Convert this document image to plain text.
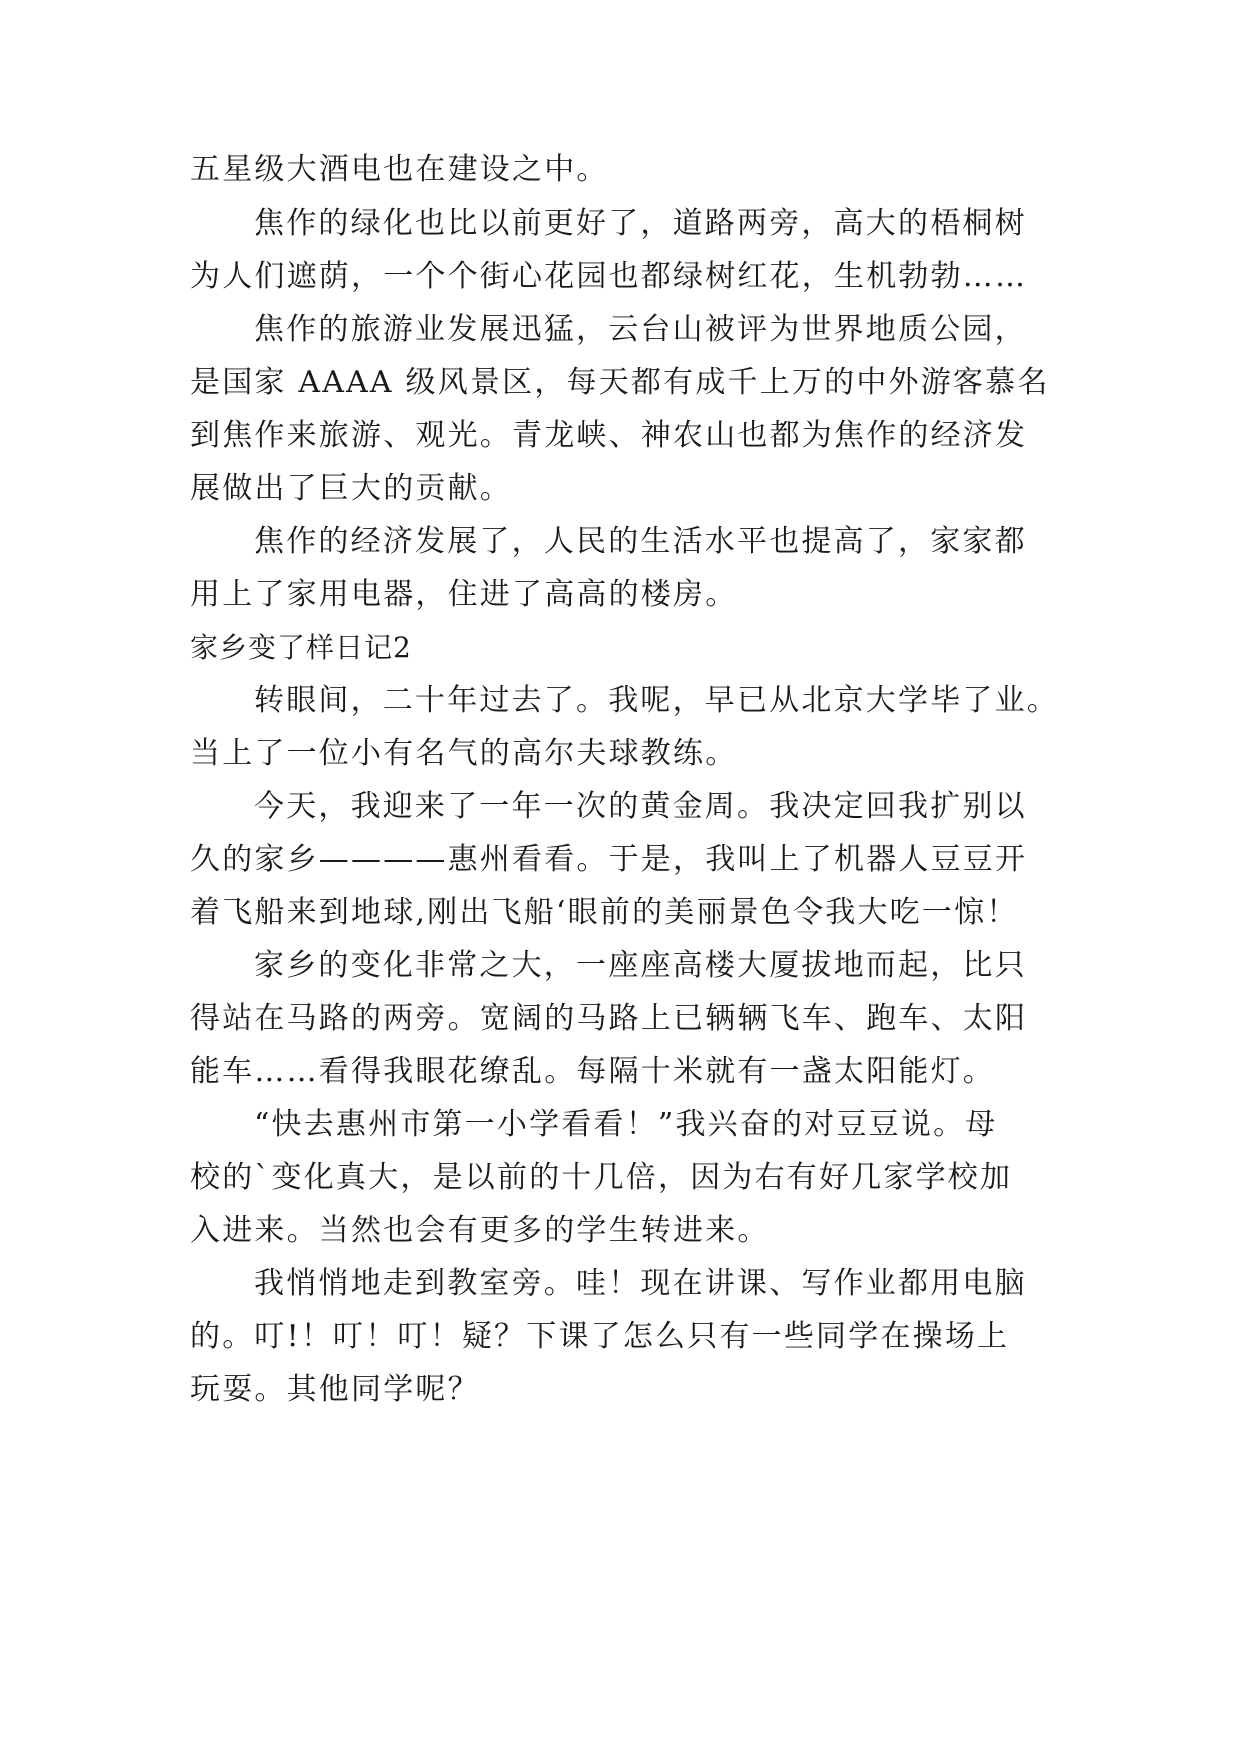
五星级大酒电也在建设之中。
焦作的绿化也比以前更好了，道路两旁，高大的梧桐树
为人们遮荫，一个个街心花园也都绿树红花，生机勃勃……
焦作的旅游业发展迅猛，云台山被评为世界地质公园，
是国家 AAAA 级风景区，每天都有成千上万的中外游客慕名
到焦作来旅游、观光。青龙峡、神农山也都为焦作的经济发
展做出了巨大的贡献。
焦作的经济发展了，人民的生活水平也提高了，家家都
用上了家用电器，住进了高高的楼房。
家乡变了样日记2
转眼间，二十年过去了。我呢，早已从北京大学毕了业。
当上了一位小有名气的高尔夫球教练。
今天，我迎来了一年一次的黄金周。我决定回我扩别以
久的家乡————惠州看看。于是，我叫上了机器人豆豆开
着飞船来到地球,刚出飞船‘眼前的美丽景色令我大吃一惊！
家乡的变化非常之大，一座座高楼大厦拔地而起，比只
得站在马路的两旁。宽阔的马路上已辆辆飞车、跑车、太阳
能车……看得我眼花缭乱。每隔十米就有一盏太阳能灯。
“快去惠州市第一小学看看！”我兴奋的对豆豆说。母
校的`变化真大，是以前的十几倍，因为右有好几家学校加
入进来。当然也会有更多的学生转进来。
我悄悄地走到教室旁。哇！现在讲课、写作业都用电脑
的。叮!！叮！叮！疑？下课了怎么只有一些同学在操场上
玩耍。其他同学呢？
